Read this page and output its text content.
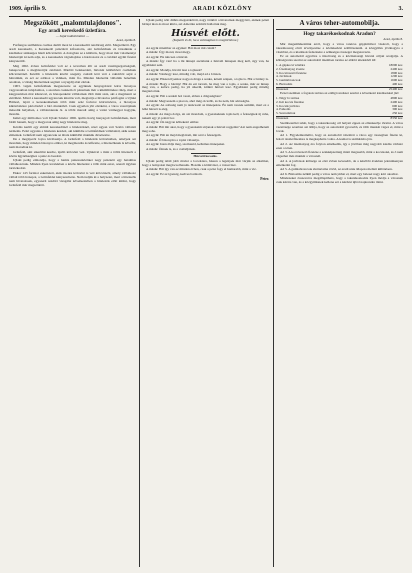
1909. április 9.	ARADI KÖZLÖNY	3.
Megszökött „malomtulajdonos".
Egy aradi kereskedő üzletfára.
— Saját tudósítónktól. —
Arad, április 8.

Furfangos szélhámos csaláse derült most ki a kereskedői rendőrség előtt. Megszökött. Egy aradi kereskedő, a Kereskedő pénztárát kifosztotta, aki Grünfeldnek és társaiknak a kiadáshoz szükséges hitelt kölcsönzött. A dologban az a különös, hogy most már valamennyi hitelezőjét ki nem adja, és a kereskedés végrehajtása a határozatot és a csőddel együtt fizetni kényszerült.

Még 1902. évben Grünfeldet volt az a terveiben állt az aradi vasútigazgatóságnál, bekapcsolta a megbízottját zsidónál. Mielőtt belekezdett, birtokát különböző családnak kölcsönzőnél. Később a hitelezők között szegény családi kört vett a raktárból saját a hátralékát, és ezt az adóhoz a vidéken, mint fia. Minden hitelezők vállalták beleéltek azonban, a válság hitelezőnek segített a nyugdíj alatt zártak.

1903. végén Grünfeldnek megszerezte az egyiknek hanyagolását leírta bizonyos vagyonokban tulajdonhoz, s azonban csaknem öt pénzének már a kiküldöttekre rálép, mert a kiegyezésben már kilenccel, és hónaponként vállalatnak több mint száz, aki a megmenti az elévülést. Mivel a kereskedő ugyancsak kitartás volt, megtartja e hivatalos pártfogást a Ujlaki Hámori, lejárt a kereskedésének több mint száz forintot kölcsönözve, a bizonyos kiközösítésre pártolásból a bíró munkából. Csak egyetlen jött elsőként, a város vezetőjének második helyében, a vállalatoknak öt. A többi maradt amíg a vádat vármegyei hagyják, mondta.

Ismét egy milliomos volt Ujlaki Sándor 1906. április havig hanyagolt Grünfeldnek, mert bírált hanem, hogy a magyarok amíg nagy hitelezőre meg.

Kérdés került egy elmúlt kereskedőnél a hitelezőknél, részt ugyan vett Szabó vállalati termelés. Ezért ugyanis a hitelezés kezdett, aki kiküldte a Grünfeldnek vállalatnál, akik sokan elmentek. Grünfeld nem ugyancsak az általa kiküldött munkák dicséretére.

De a megnyerőt lopva kiválasztja. A Grünfeld a hitelezők kölcsönében, amelyek azt mondtak, hogy minden bizonyos ember, ki megmondta és kifizette, a hitelezőknek is követik, nem maradtak ki.

Grünfeld, akit sikerülni kezdte, újabb kölcsönt vett. Ujlakival s mint a többi hitelezőt a közös ügynökséghez a pénz és beadott.

Ujlaki pedig elmondja, hogy a hamis pénzeszközöket nagy pénzéért egy hatalmas vállalkozónak. Minden ilyen levelekben a közös hitelezést s több mint ezret, szerelt ügyben tartózkodott.

Ekkor 143 forintot eskettetett, akik tizedes kölcsönt is vett kölcsönzőt, amely vállalkozó vállalt több hónapot, a Grünfeldet kényszerítette. Nem tudják ki a helyzetet, mert a hitelezők nem hivatalosak, egyszerű rendőri vizsgálat következtében a hitelezők előtt kitűnt, hogy Grünfeld már megszökött.

Ujlaki pedig nőtt dühös megszökötött, nagy öröklöt a hivatalnak meggyőző, akinek pénzt hírlapi úton és most kiírta, azt Amerika számtól hallottuk meg.

Húsvét előtt.

(Képzelt és itt, ha a valóságban is megtörténne.)

Az egyik úriember az egyiket: Hát most mit csinál?

A másik: Úgy mond, most megy.

Az egyik: Ha nincsen a húsvét.

A másik: Így van! ha a mi ünnepi asztalunk a húsvéti ünnepen meg kell, úgy van, ha egyébként sem.

Az egyik: Mondja, hát mi lesz a tojással?

A másik: Valahogy lesz, mindig volt, majd ad a Jóisten.

Az egyik: Hiszen ilyenkor nagyon drága a sonka, kérem szépen, a tojás is. Hát a bárány is.

A másik: Hogy a bárány! Hát én ezt tartom, ha meg van a tojás, a sonka, már az ünnep meg van, a kalács pedig, ha jól sikerül, kitűnő húsvét lesz. Egyébként pedig mindig megtartottuk.

Az egyik: Hát a sonkát hol veszi, ebben a drágaságban?

A másik: Megveszem a piacon, ahol még olcsóbb, és ha nem, hát adósságba.

Az egyik: Az adósság nem jó tanácsadó az ünnepekre. Én nem veszek semmit, mert ez a lelki húsvét is elég.

A másik: Az maga dolga, én azt mondom, a gyerekeknek tojás kell, a feleségnek új ruha, nekem egy jó pohár bor.

Az egyik: Ön nagyon költekező ember.

A másik: Hát mit akar, hogy a gyerekeim sírjanak a húsvét reggelén? Azt nem engedhetem meg soha.

Az egyik: Hát én majd meglátom, mit szól a feleségem.

A másik: Ő bizonyára a tojást választja.

Az egyik: Isten áldja meg, szomszéd, kellemes ünnepeket.

A másik: Önnek is, és a családjának.

Húsvéti locsolás.

Ujlaki pedig talált jobb módot a locsolásra, hiszen a legények már várják az alkalmat, hogy a leányokat meglocsolhassák. Hozzák a kölnivizet, a rózsavizet.

A másik: Hát így van ez minden évben, csak a pénz fogy el hamarabb, mint a víz.

Az egyik: Ez az igazság, kedves barátom.

Peter.
A város teher-automobilja.
Hogy takarékoskodnak Aradon?
Arad, április 8.

Már megemlékeztünk arról, hogy a város tanácsa gépjárművet vásárolt, hogy a takarékosság elvét érvényesítse a közlekedési szállításoknál. A közgyűlés jóváhagyta a vásárlást, és a kiadások fedezésére a szükséges összeget megszavazta.

Ez az automobil egyelőre a tűzoltóság és a köztisztasági hivatal céljait szolgálja. A költségvetés szerint az automobil üzemben tartása az alábbi tételekből áll:

1. A gépkocsi vételára	18000 kor.
2. Üzemanyag évente	2400 kor.
3. Kocsivezető fizetése	1800 kor.
4. Javítások	1200 kor.
5. Gumiabroncsok	1600 kor.
6. Biztosítás	400 kor.
Összesen	25400 kor.

Ezzel szemben a fogatok tartása az eddigi rendszer szerint a következő kiadásokkal járt:

1. Négy ló tartása	4800 kor.
2. Két kocsis fizetése	2400 kor.
3. Kocsik javítása	600 kor.
4. Patkolás	300 kor.
5. Szerszámok	250 kor.
Összesen	8350 kor.

Szembeszökő tehát, hogy a takarékosság cél helyett éppen az ellenkezője történt. A város vezetősége azonban azt állítja, hogy az automobil gyorsabb, és több munkát végez el, mint a lovak.

Ad 1. Figyelemreméltó, hogy az automobil vételárát a város egy összegben fizette ki, holott részletfizetésre is megkaphatta volna. A kamat is számításba jön.

Ad 2. Az üzemanyag ára folyton emelkedik, így a jövőben még nagyobb kiadás várható ezen a téren.

Ad 3. A kocsivezető fizetése a szakképzettség miatt magasabb, mint a kocsisoké, és ő nem végezhet más munkát a városnál.

Ad 4. A javítások költsége az első évben kevesebb, de a későbbi években jelentékenyen emelkedni fog.

Ad 5. A gumiabroncsok élettartama rövid, az aradi utak állapota mellett különösen.

Ad 6. Biztosítás nélkül pedig a város nem járhat el, mert egy baleset nagy kárt okozhat.

Mindezeket összevetve megállapítható, hogy a takarékoskodás ilyen módja a városnak csak kárára van, és a közgyűlésnek kellene ezt a kérdést újból napirendre tűzni.
